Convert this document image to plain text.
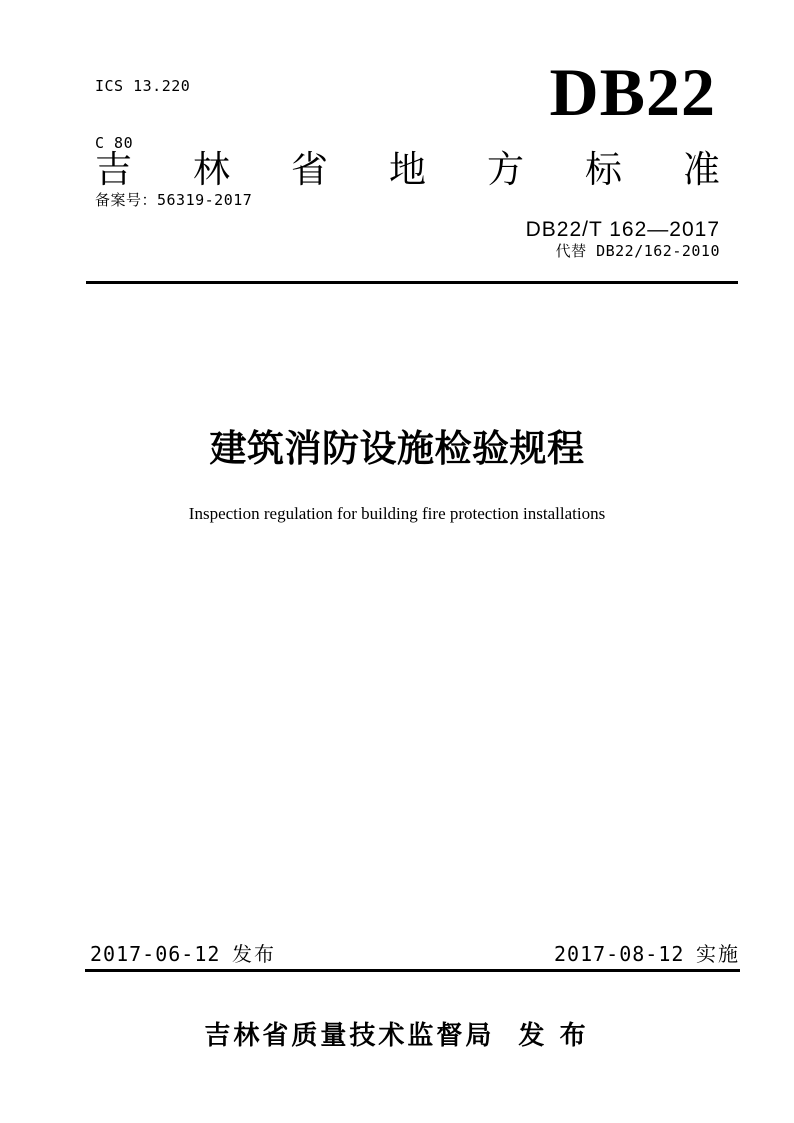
ICS 13.220

C 80

备案号：56319-2017

DB22
吉林省地方标准
DB22/T 162—2017
代替 DB22/162-2010
建筑消防设施检验规程
Inspection regulation for building fire protection installations
2017-06-12 发布	2017-08-12 实施
吉林省质量技术监督局 发 布
